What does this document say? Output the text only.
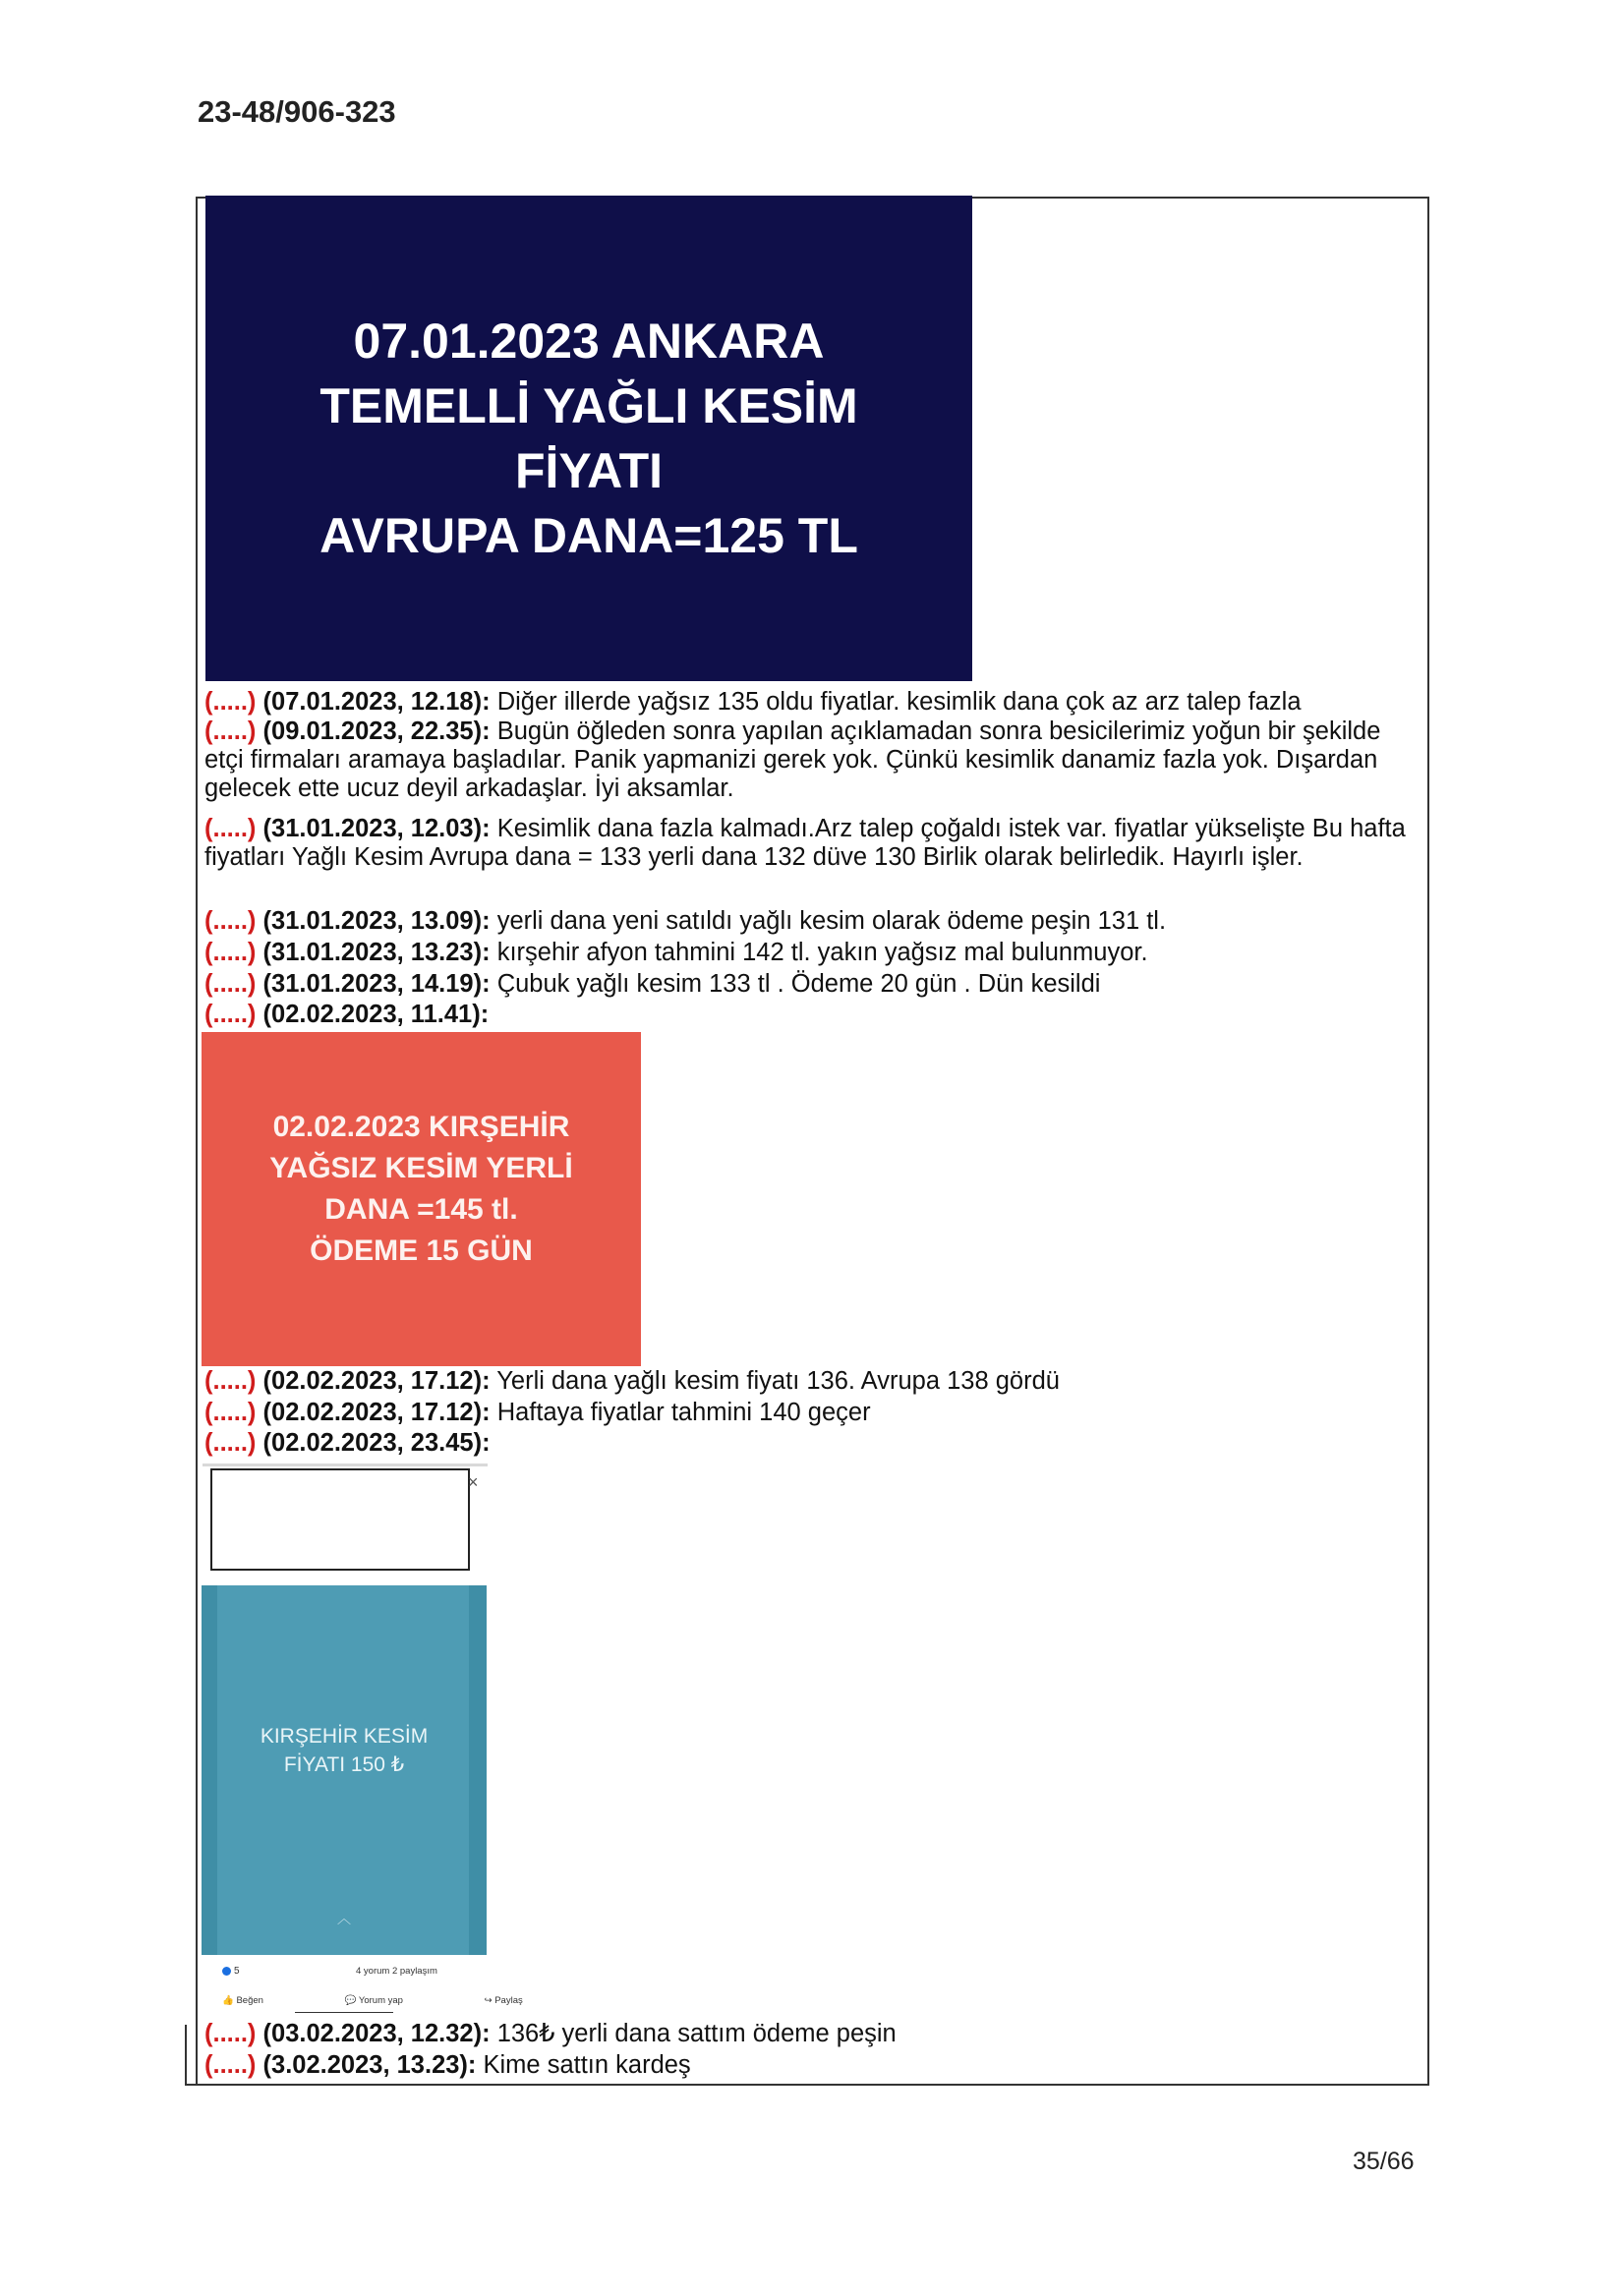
23-48/906-323
07.01.2023 ANKARA
TEMELLİ YAĞLI KESİM
FİYATI
AVRUPA DANA=125 TL
(.....) (07.01.2023, 12.18): Diğer illerde yağsız 135 oldu fiyatlar. kesimlik dana çok az arz talep fazla
(.....) (09.01.2023, 22.35): Bugün öğleden sonra yapılan açıklamadan sonra besicilerimiz yoğun bir şekilde etçi firmaları aramaya başladılar. Panik yapmanizi gerek yok. Çünkü kesimlik danamiz fazla yok. Dışardan gelecek ette ucuz deyil arkadaşlar. İyi aksamlar.
(.....) (31.01.2023, 12.03): Kesimlik dana fazla kalmadı.Arz talep çoğaldı istek var. fiyatlar yükselişte Bu hafta fiyatları Yağlı Kesim Avrupa dana = 133 yerli dana 132 düve 130 Birlik olarak belirledik. Hayırlı işler.
(.....) (31.01.2023, 13.09): yerli dana yeni satıldı yağlı kesim olarak ödeme peşin 131 tl.
(.....) (31.01.2023, 13.23): kırşehir afyon tahmini 142 tl. yakın yağsız mal bulunmuyor.
(.....) (31.01.2023, 14.19): Çubuk yağlı kesim 133 tl . Ödeme 20 gün . Dün kesildi
(.....) (02.02.2023, 11.41):
02.02.2023 KIRŞEHİR
YAĞSIZ KESİM YERLİ
DANA =145 tl.
ÖDEME 15 GÜN
(.....) (02.02.2023, 17.12): Yerli dana yağlı kesim fiyatı 136. Avrupa 138 gördü
(.....) (02.02.2023, 17.12): Haftaya fiyatlar tahmini 140 geçer
(.....) (02.02.2023, 23.45):
×
KIRŞEHİR KESİM
FİYATI 150 ₺
︿
5	4 yorum 2 paylaşım
👍 Beğen	💬 Yorum yap	↪ Paylaş
(.....) (03.02.2023, 12.32): 136₺ yerli dana sattım ödeme peşin
(.....) (3.02.2023, 13.23): Kime sattın kardeş
35/66
